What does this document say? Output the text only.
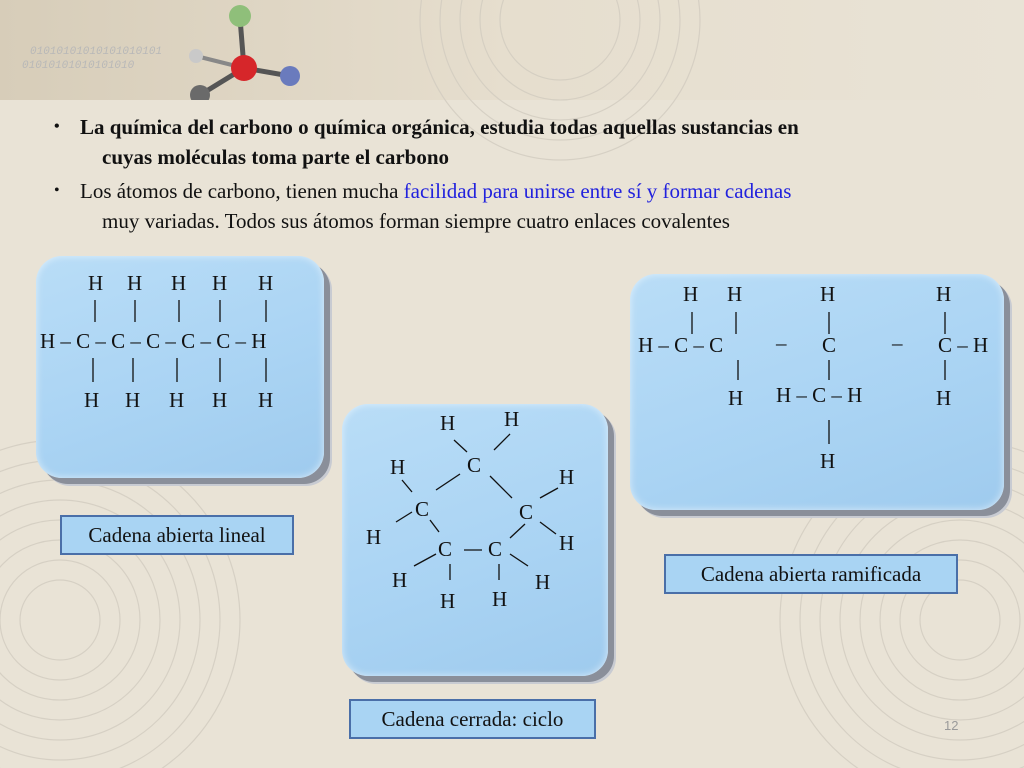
01010101010101010101
01010101010101010
• La química del carbono o química orgánica, estudia todas aquellas sustancias en
cuyas moléculas toma parte el carbono
• Los átomos de carbono, tienen mucha facilidad para unirse entre sí y formar cadenas
muy variadas. Todos sus átomos forman siempre cuatro enlaces covalentes
H H H H H
H – C – C – C – C – C – H
H H H H H
H H
H	C	H
C	C
H	H
C C
H	H
H H
H H	H	H
H – C – C	– C	– C – H
H H – C – H	H
H
Cadena abierta lineal
Cadena cerrada: ciclo
Cadena abierta ramificada
12
